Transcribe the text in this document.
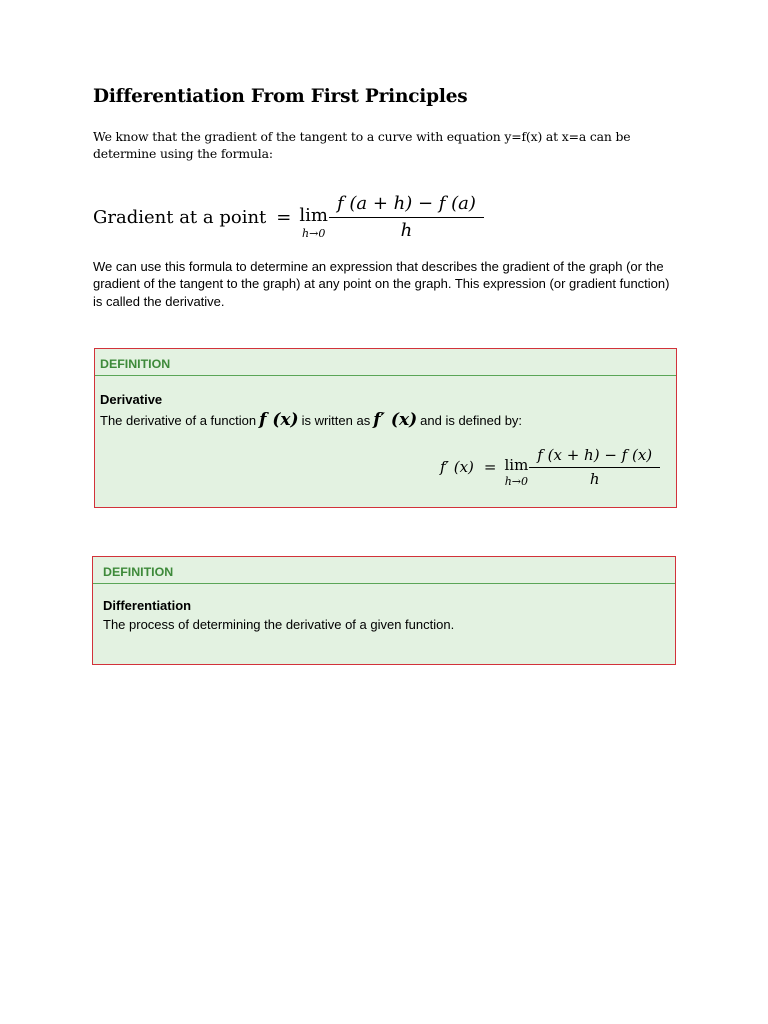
Differentiation From First Principles

We know that the gradient of the tangent to a curve with equation y=f(x) at x=a can be determine using the formula:

Gradient at a point = lim
$h\to 0 \frac{f (a + h) - f (a)}{h}$

We can use this formula to determine an expression that describes the gradient of the graph (or the gradient of the tangent to the graph) at any point on the graph. This expression (or gradient function) is called the derivative.

DEFINITION
Derivative
The derivative of a function f (x) is written as f′ (x) and is defined by:
f′ (x) = lim
$h\to 0 \frac{f (x + h) - f (x)}{h}$
DEFINITION
Differentiation
The process of determining the derivative of a given function.
